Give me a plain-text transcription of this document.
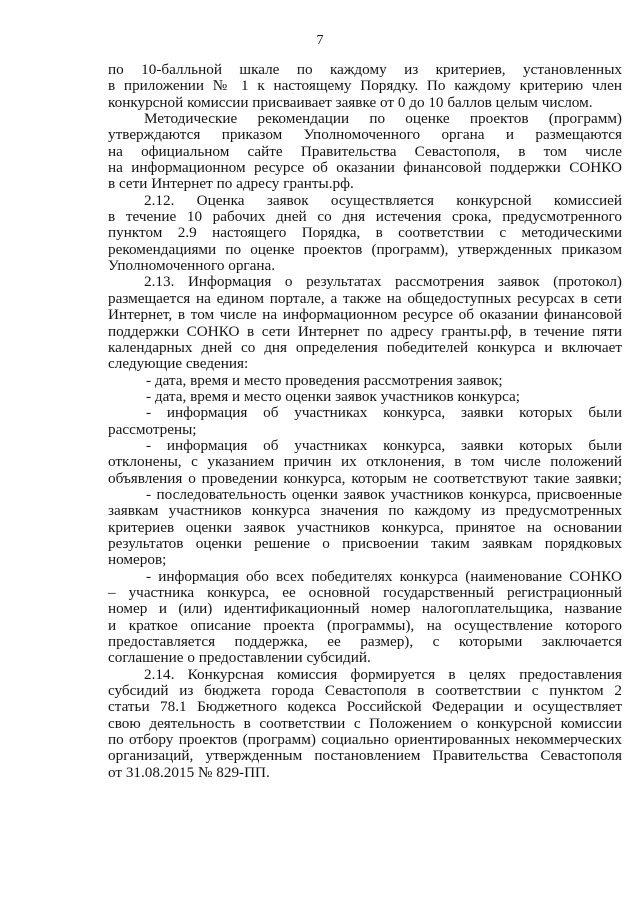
7
по 10-балльной шкале по каждому из критериев, установленных
в приложении № 1 к настоящему Порядку. По каждому критерию член
конкурсной комиссии присваивает заявке от 0 до 10 баллов целым числом.
Методические рекомендации по оценке проектов (программ)
утверждаются приказом Уполномоченного органа и размещаются
на официальном сайте Правительства Севастополя, в том числе
на информационном ресурсе об оказании финансовой поддержки СОНКО
в сети Интернет по адресу гранты.рф.
2.12. Оценка заявок осуществляется конкурсной комиссией
в течение 10 рабочих дней со дня истечения срока, предусмотренного
пунктом 2.9 настоящего Порядка, в соответствии с методическими
рекомендациями по оценке проектов (программ), утвержденных приказом
Уполномоченного органа.
2.13. Информация о результатах рассмотрения заявок (протокол)
размещается на едином портале, а также на общедоступных ресурсах в сети
Интернет, в том числе на информационном ресурсе об оказании финансовой
поддержки СОНКО в сети Интернет по адресу гранты.рф, в течение пяти
календарных дней со дня определения победителей конкурса и включает
следующие сведения:
- дата, время и место проведения рассмотрения заявок;
- дата, время и место оценки заявок участников конкурса;
- информация об участниках конкурса, заявки которых были
рассмотрены;
- информация об участниках конкурса, заявки которых были
отклонены, с указанием причин их отклонения, в том числе положений
объявления о проведении конкурса, которым не соответствуют такие заявки;
- последовательность оценки заявок участников конкурса, присвоенные
заявкам участников конкурса значения по каждому из предусмотренных
критериев оценки заявок участников конкурса, принятое на основании
результатов оценки решение о присвоении таким заявкам порядковых
номеров;
- информация обо всех победителях конкурса (наименование СОНКО
– участника конкурса, ее основной государственный регистрационный
номер и (или) идентификационный номер налогоплательщика, название
и краткое описание проекта (программы), на осуществление которого
предоставляется поддержка, ее размер), с которыми заключается
соглашение о предоставлении субсидий.
2.14. Конкурсная комиссия формируется в целях предоставления
субсидий из бюджета города Севастополя в соответствии с пунктом 2
статьи 78.1 Бюджетного кодекса Российской Федерации и осуществляет
свою деятельность в соответствии с Положением о конкурсной комиссии
по отбору проектов (программ) социально ориентированных некоммерческих
организаций, утвержденным постановлением Правительства Севастополя
от 31.08.2015 № 829-ПП.
